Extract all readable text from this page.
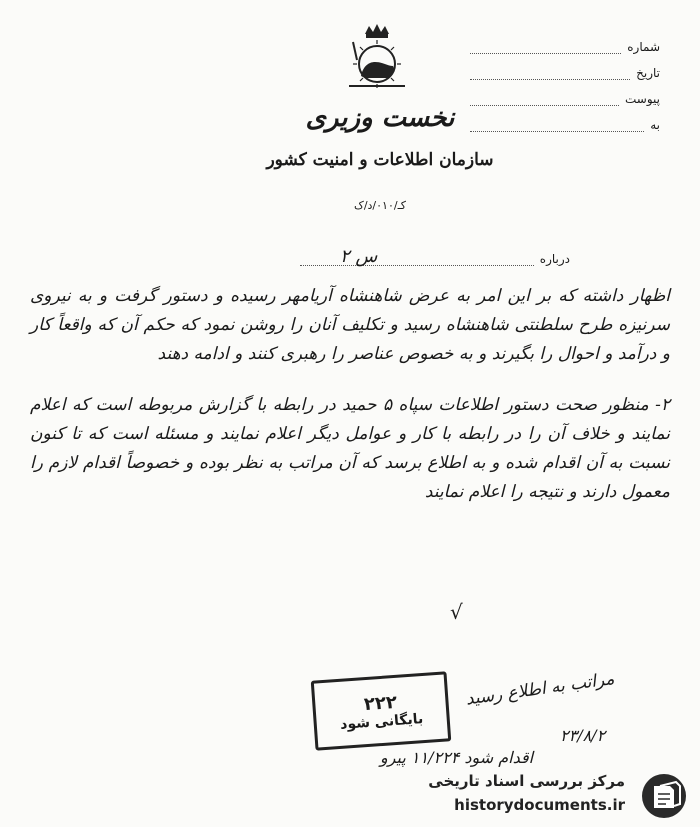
نخست وزیری
سازمان اطلاعات و امنیت کشور
کـ/۰۱۰/د/ک
شماره
تاریخ
پیوست
به
درباره
س ۲

اظهار داشته که بر این امر به عرض شاهنشاه آریامهر رسیده و دستور گرفت و به نیروی سرنیزه طرح سلطنتی شاهنشاه رسید و تکلیف آنان را روشن نمود که حکم آن که واقعاً کار و درآمد و احوال را بگیرند و به خصوص عناصر را رهبری کنند و ادامه دهند

۲- منظور صحت دستور اطلاعات سپاه ۵ حمید در رابطه با گزارش مربوطه است که اعلام نمایند و خلاف آن را در رابطه با کار و عوامل دیگر اعلام نمایند و مسئله است که تا کنون نسبت به آن اقدام شده و به اطلاع برسد که آن مراتب به نظر بوده و خصوصاً اقدام لازم را معمول دارند و نتیجه را اعلام نمایند

√
۲۲۲
بایگانی شود
مراتب به اطلاع رسید
۲۳/۸/۲
اقدام شود ۱۱/۲۲۴ پیرو
مرکز بررسی اسناد تاریخی
historydocuments.ir
